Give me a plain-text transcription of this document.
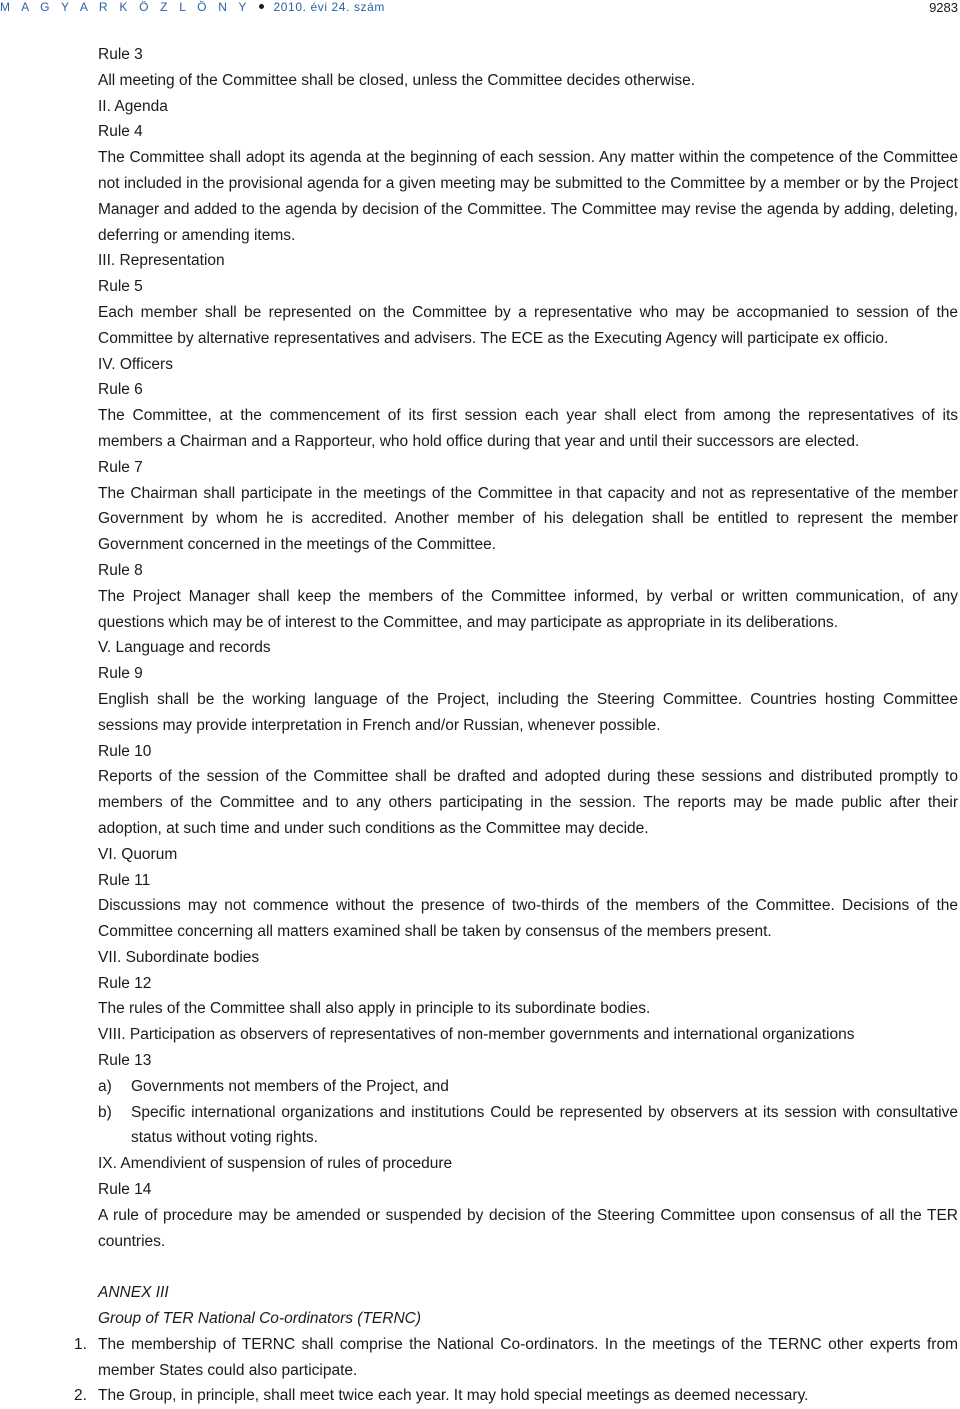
M A G Y A R K Ö Z L Ö N Y 2010. évi 24. szám	9283

Rule 3

All meeting of the Committee shall be closed, unless the Committee decides otherwise.

II. Agenda

Rule 4

The Committee shall adopt its agenda at the beginning of each session. Any matter within the competence of the Committee not included in the provisional agenda for a given meeting may be submitted to the Committee by a member or by the Project Manager and added to the agenda by decision of the Committee. The Committee may revise the agenda by adding, deleting, deferring or amending items.

III. Representation

Rule 5

Each member shall be represented on the Committee by a representative who may be accopmanied to session of the Committee by alternative representatives and advisers. The ECE as the Executing Agency will participate ex officio.

IV. Officers

Rule 6

The Committee, at the commencement of its first session each year shall elect from among the representatives of its members a Chairman and a Rapporteur, who hold office during that year and until their successors are elected.

Rule 7

The Chairman shall participate in the meetings of the Committee in that capacity and not as representative of the member Government by whom he is accredited. Another member of his delegation shall be entitled to represent the member Government concerned in the meetings of the Committee.

Rule 8

The Project Manager shall keep the members of the Committee informed, by verbal or written communication, of any questions which may be of interest to the Committee, and may participate as appropriate in its deliberations.

V. Language and records

Rule 9

English shall be the working language of the Project, including the Steering Committee. Countries hosting Committee sessions may provide interpretation in French and/or Russian, whenever possible.

Rule 10

Reports of the session of the Committee shall be drafted and adopted during these sessions and distributed promptly to members of the Committee and to any others participating in the session. The reports may be made public after their adoption, at such time and under such conditions as the Committee may decide.

VI. Quorum

Rule 11

Discussions may not commence without the presence of two-thirds of the members of the Committee. Decisions of the Committee concerning all matters examined shall be taken by consensus of the members present.

VII. Subordinate bodies

Rule 12

The rules of the Committee shall also apply in principle to its subordinate bodies.

VIII. Participation as observers of representatives of non-member governments and international organizations

Rule 13

a) Governments not members of the Project, and

b) Specific international organizations and institutions Could be represented by observers at its session with consultative status without voting rights.

IX. Amendivient of suspension of rules of procedure

Rule 14

A rule of procedure may be amended or suspended by decision of the Steering Committee upon consensus of all the TER countries.

ANNEX III

Group of TER National Co-ordinators (TERNC)

1. The membership of TERNC shall comprise the National Co-ordinators. In the meetings of the TERNC other experts from member States could also participate.

2. The Group, in principle, shall meet twice each year. It may hold special meetings as deemed necessary.
